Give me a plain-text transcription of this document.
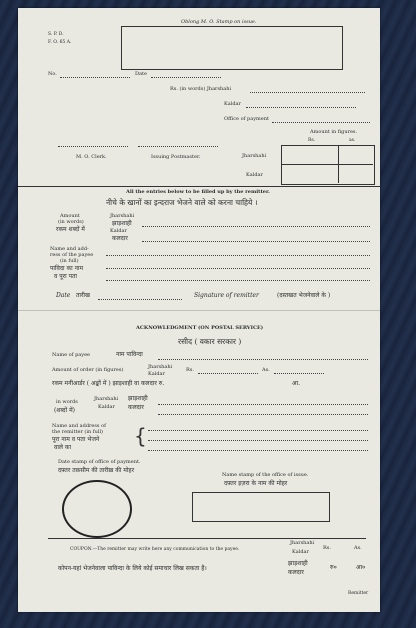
Oblong M. O. Stamp on issue.
S. P. D.
F. O. 65 A.
No.	Date
Rs. (in words) Jharshahi
Kaldar
Office of payment
M. O. Clerk.	Issuing Postmaster.
Amount in figures.
Rs.	as.
Jharshahi
Kaldar
All the entries below to be filled up by the remitter.
नीचे के खानों का इन्दराज भेजने वाले को करना चाहिये ।
Amount
(in words)
रकम शब्दों में
Jharshahi
झाड़शाही
Kaldar
कलदार
Name and add-
ress of the payee
(in full)
पाविदा का नाम
व पूरा पता
Date तारीख	Signature of remitter	(दस्तखत भेजनेवाले के )
ACKNOWLEDGMENT (ON POSTAL SERVICE)
रसीद ( वकार सरकार )
Name of payee	नाम पाविन्दा
Amount of order (in figures)	Jharshahi
Kaldar
Rs.	As.
रकम मनीआर्डर ( अङ्कों में ) झाड़शाही वा कलदार रु.	आ.
in words
(शब्दों में)
Jharshahi झाड़शाही
Kaldar कलदार
Name and address of
the remitter (in full)
पूरा नाम व पता भेजने
वाले का	{
Date stamp of office of payment.
दफ़्तर तक़सीम की तारीख़ की मोहर
Name stamp of the office of issue.
दफ़्तर इज़रा के नाम की मोहर
COUPON.—The remitter may write here any communication to the payee.
Jharshahi
Kaldar
Rs.	As.
कोपन-यहां भेजनेवाला पाविन्दा के लिये कोई समाचार लिख सकता है।
झाड़शाही
कलदार
रु०	आ०
Remitter
